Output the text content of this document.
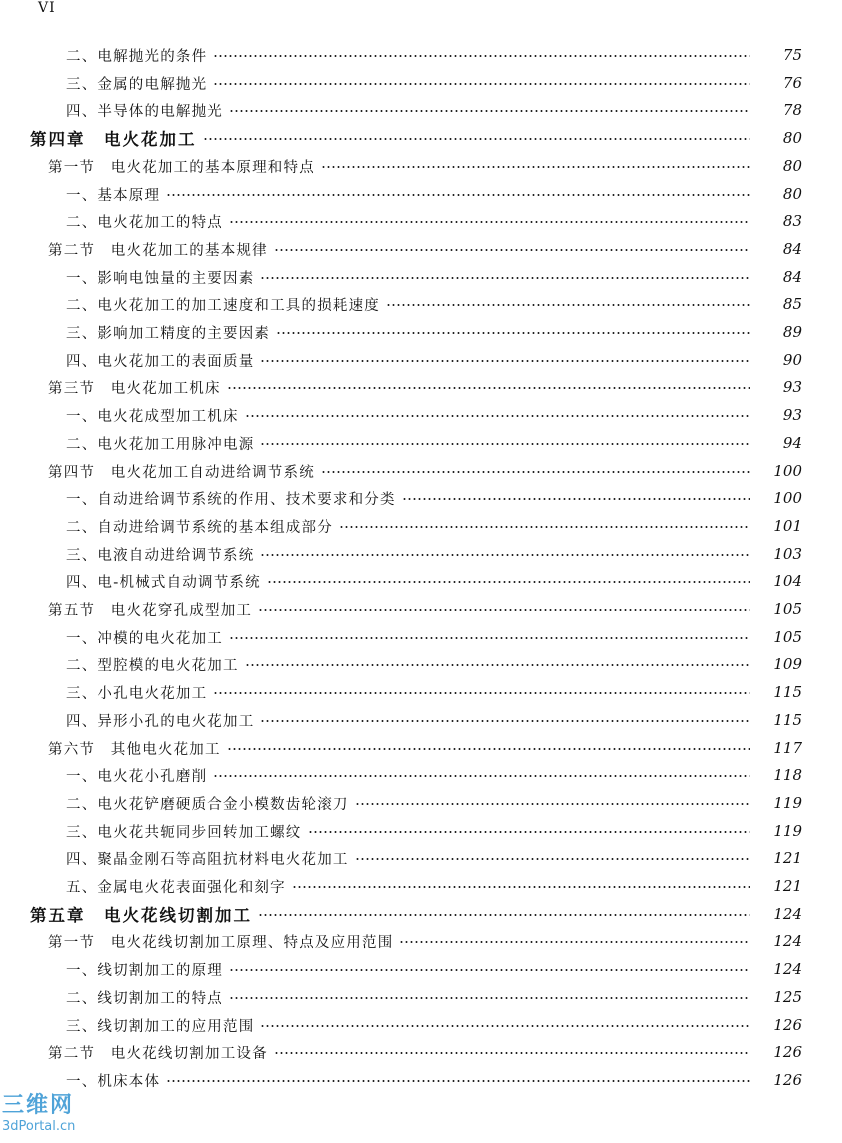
VI
二、电解抛光的条件	75
三、金属的电解抛光	76
四、半导体的电解抛光	78
第四章　电火花加工	80
第一节　电火花加工的基本原理和特点	80
一、基本原理	80
二、电火花加工的特点	83
第二节　电火花加工的基本规律	84
一、影响电蚀量的主要因素	84
二、电火花加工的加工速度和工具的损耗速度	85
三、影响加工精度的主要因素	89
四、电火花加工的表面质量	90
第三节　电火花加工机床	93
一、电火花成型加工机床	93
二、电火花加工用脉冲电源	94
第四节　电火花加工自动进给调节系统	100
一、自动进给调节系统的作用、技术要求和分类	100
二、自动进给调节系统的基本组成部分	101
三、电液自动进给调节系统	103
四、电-机械式自动调节系统	104
第五节　电火花穿孔成型加工	105
一、冲模的电火花加工	105
二、型腔模的电火花加工	109
三、小孔电火花加工	115
四、异形小孔的电火花加工	115
第六节　其他电火花加工	117
一、电火花小孔磨削	118
二、电火花铲磨硬质合金小模数齿轮滚刀	119
三、电火花共轭同步回转加工螺纹	119
四、聚晶金刚石等高阻抗材料电火花加工	121
五、金属电火花表面强化和刻字	121
第五章　电火花线切割加工	124
第一节　电火花线切割加工原理、特点及应用范围	124
一、线切割加工的原理	124
二、线切割加工的特点	125
三、线切割加工的应用范围	126
第二节　电火花线切割加工设备	126
一、机床本体	126
三维网
3dPortal.cn
